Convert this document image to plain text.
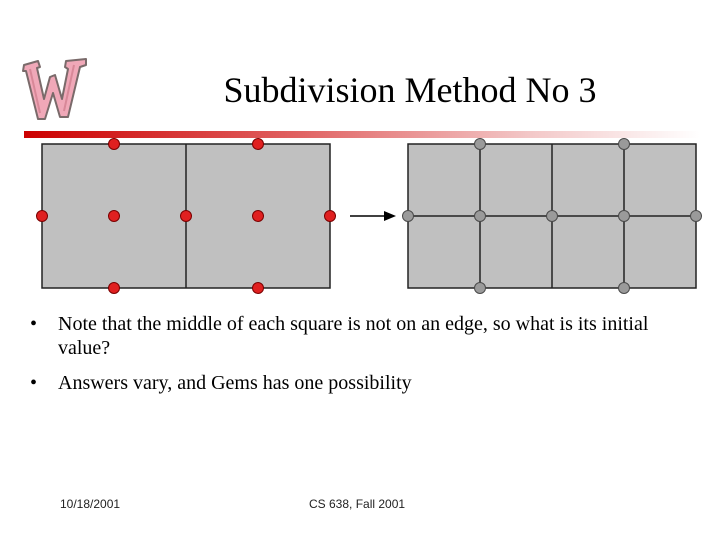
Subdivision Method No 3
•	Note that the middle of each square is not on an edge, so what is its initial value?
•	Answers vary, and Gems has one possibility
10/18/2001	CS 638, Fall 2001
